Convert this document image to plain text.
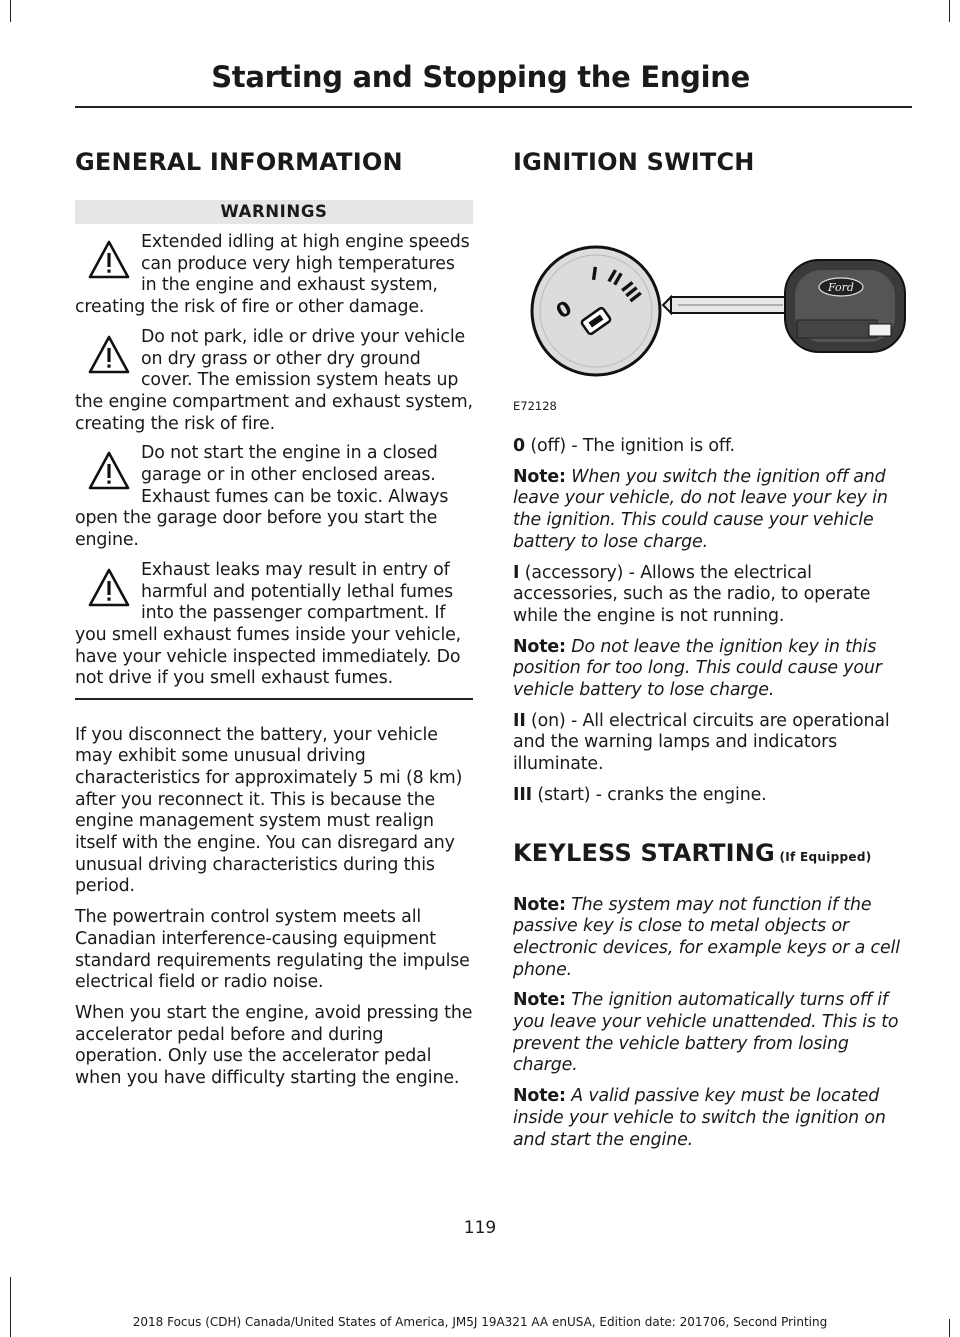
Starting and Stopping the Engine
GENERAL INFORMATION
WARNINGS
Extended idling at high engine speeds can produce very high temperatures in the engine and exhaust system, creating the risk of fire or other damage.
Do not park, idle or drive your vehicle on dry grass or other dry ground cover. The emission system heats up the engine compartment and exhaust system, creating the risk of fire.
Do not start the engine in a closed garage or in other enclosed areas. Exhaust fumes can be toxic. Always open the garage door before you start the engine.
Exhaust leaks may result in entry of harmful and potentially lethal fumes into the passenger compartment. If you smell exhaust fumes inside your vehicle, have your vehicle inspected immediately. Do not drive if you smell exhaust fumes.

If you disconnect the battery, your vehicle may exhibit some unusual driving characteristics for approximately 5 mi (8 km) after you reconnect it. This is because the engine management system must realign itself with the engine. You can disregard any unusual driving characteristics during this period.

The powertrain control system meets all Canadian interference-causing equipment standard requirements regulating the impulse electrical field or radio noise.

When you start the engine, avoid pressing the accelerator pedal before and during operation. Only use the accelerator pedal when you have difficulty starting the engine.

IGNITION SWITCH
0
I II
III	Ford
E72128

0 (off) - The ignition is off.

Note: When you switch the ignition off and leave your vehicle, do not leave your key in the ignition. This could cause your vehicle battery to lose charge.

I (accessory) - Allows the electrical accessories, such as the radio, to operate while the engine is not running.

Note: Do not leave the ignition key in this position for too long. This could cause your vehicle battery to lose charge.

II (on) - All electrical circuits are operational and the warning lamps and indicators illuminate.

III (start) - cranks the engine.

KEYLESS STARTING (If Equipped)

Note: The system may not function if the passive key is close to metal objects or electronic devices, for example keys or a cell phone.

Note: The ignition automatically turns off if you leave your vehicle unattended. This is to prevent the vehicle battery from losing charge.

Note: A valid passive key must be located inside your vehicle to switch the ignition on and start the engine.

119
2018 Focus (CDH) Canada/United States of America, JM5J 19A321 AA enUSA, Edition date: 201706, Second Printing
